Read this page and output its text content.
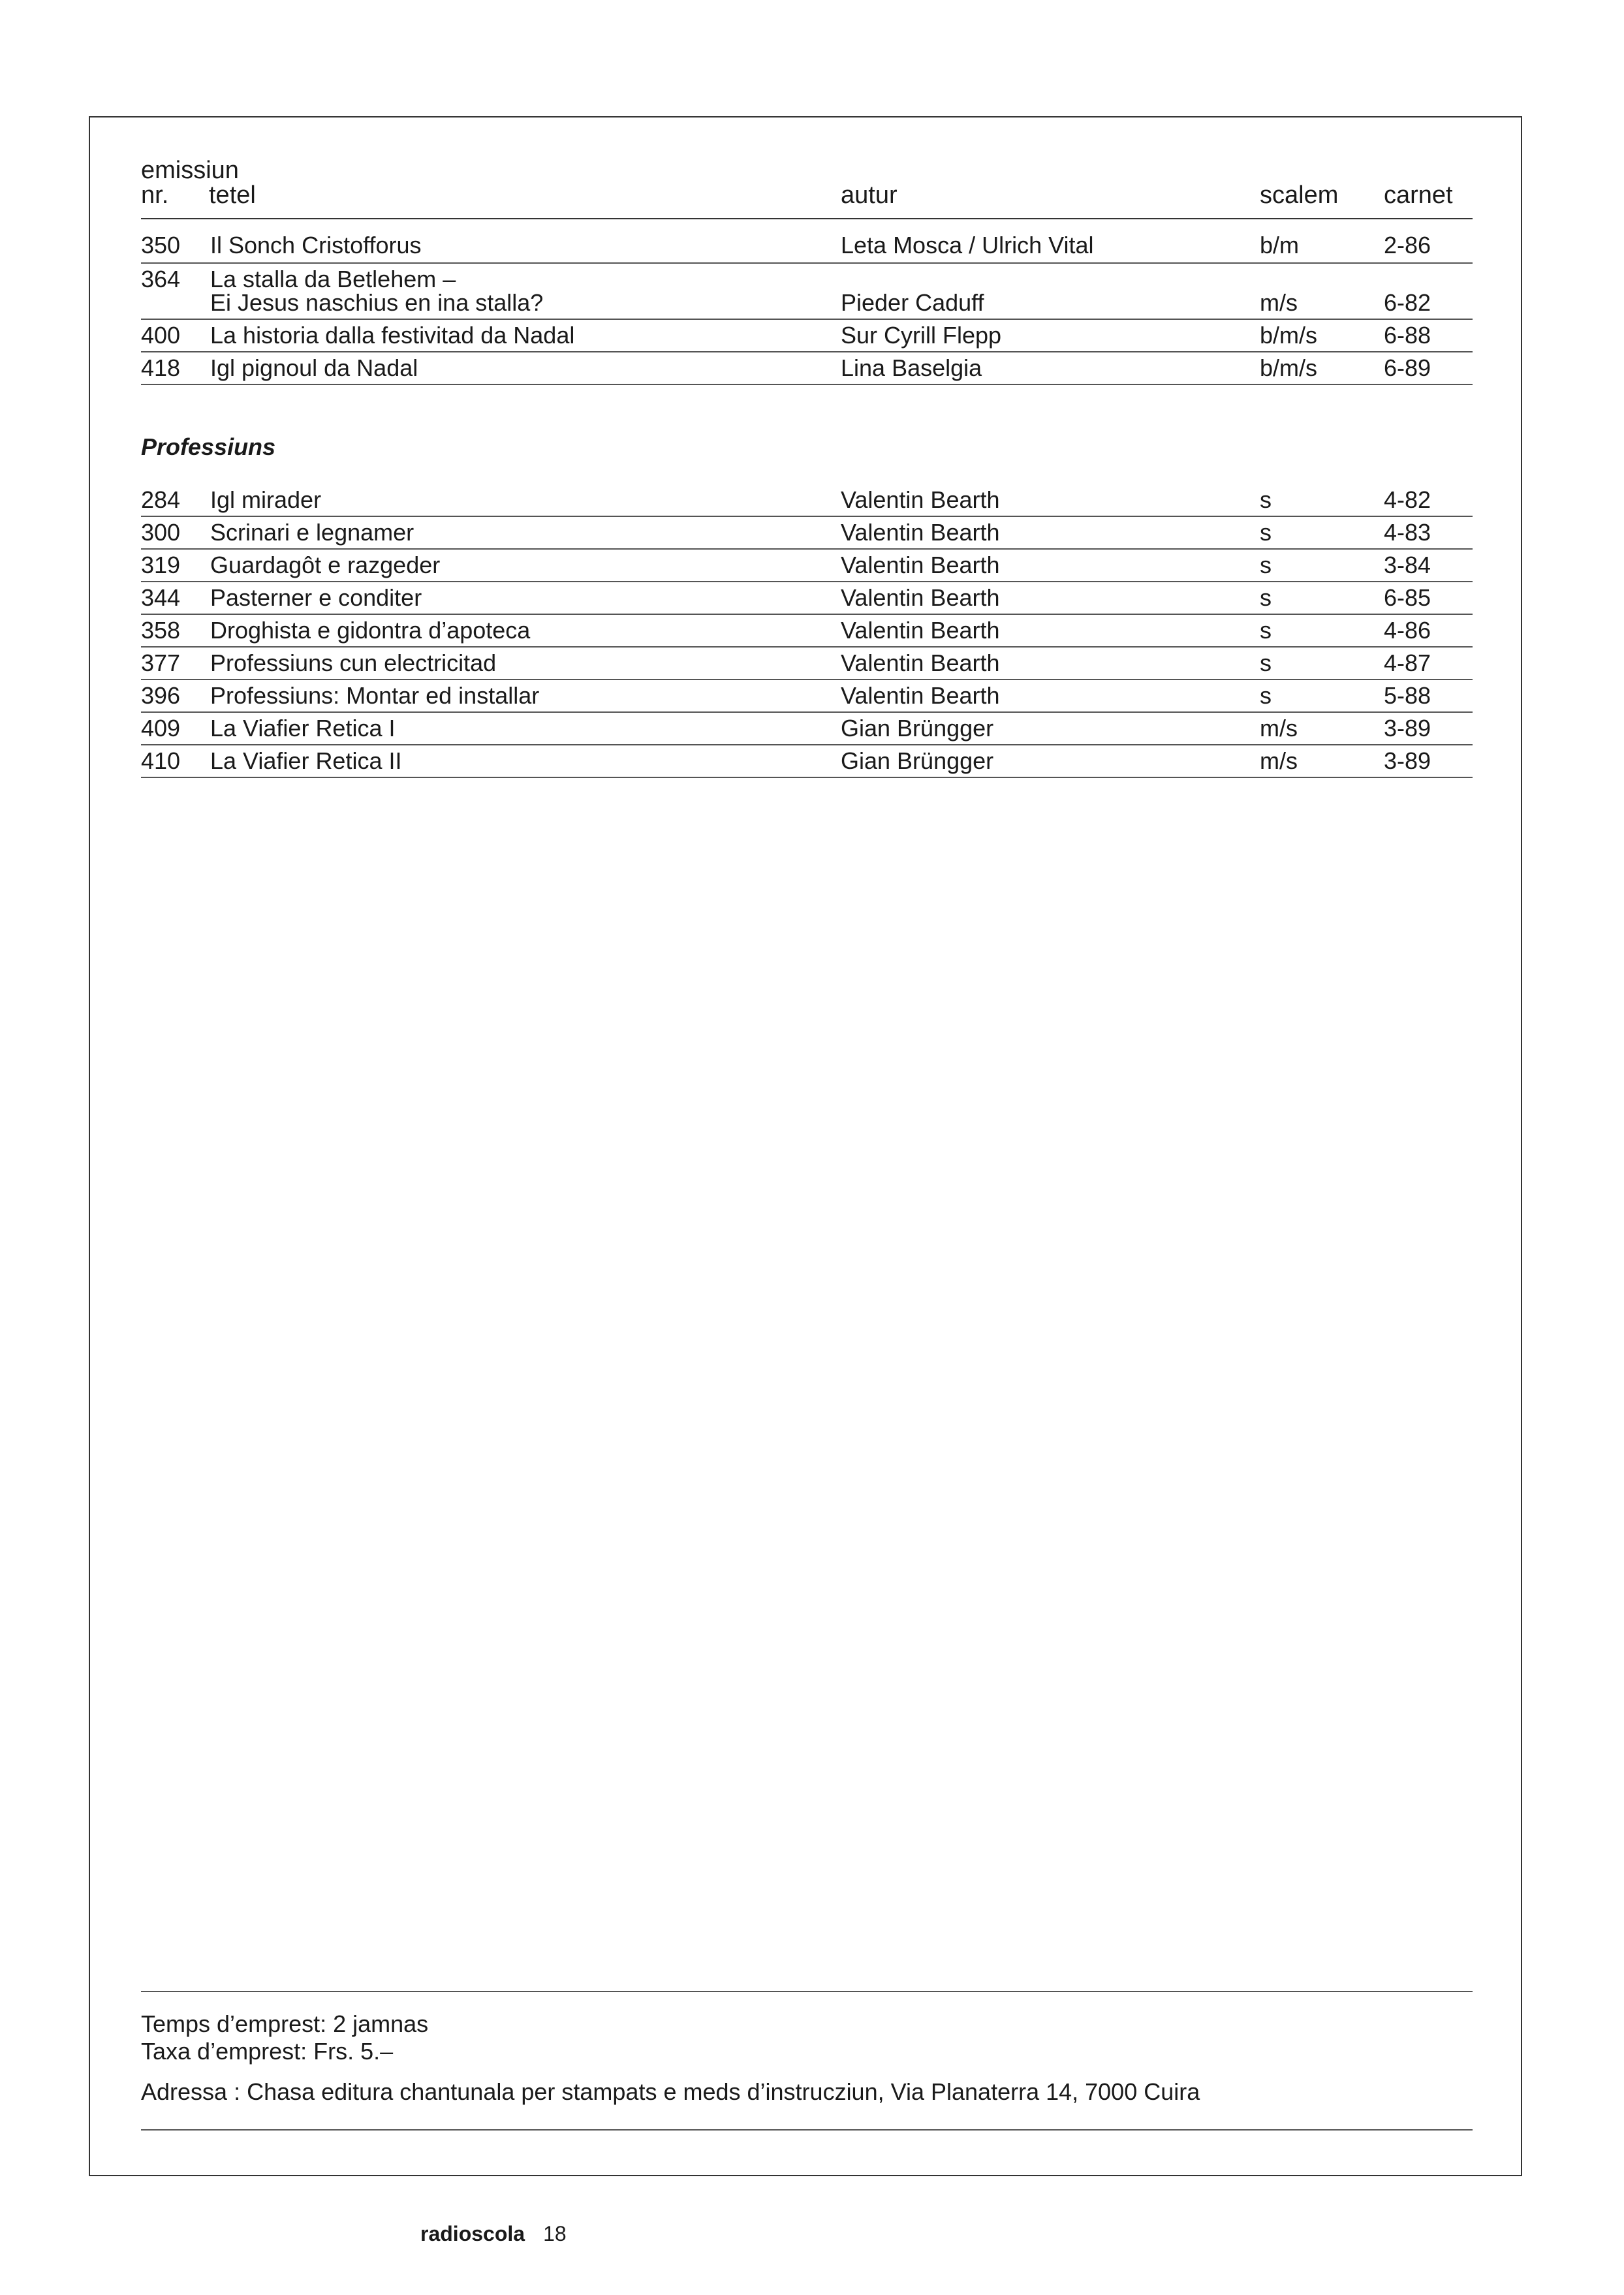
emissiun
nr. tetel	autur	scalem carnet
350 Il Sonch Cristofforus	Leta Mosca / Ulrich Vital	b/m	2-86
364 La stalla da Betlehem –
Ei Jesus naschius en ina stalla?	Pieder Caduff	m/s	6-82
400 La historia dalla festivitad da Nadal	Sur Cyrill Flepp	b/m/s	6-88
418 Igl pignoul da Nadal	Lina Baselgia	b/m/s	6-89
Professiuns
284 Igl mirader	Valentin Bearth	s	4-82
300 Scrinari e legnamer	Valentin Bearth	s	4-83
319 Guardagôt e razgeder	Valentin Bearth	s	3-84
344 Pasterner e conditer	Valentin Bearth	s	6-85
358 Droghista e gidontra d’apoteca	Valentin Bearth	s	4-86
377 Professiuns cun electricitad	Valentin Bearth	s	4-87
396 Professiuns: Montar ed installar	Valentin Bearth	s	5-88
409 La Viafier Retica I	Gian Brüngger	m/s	3-89
410 La Viafier Retica II	Gian Brüngger	m/s	3-89
Temps d’emprest: 2 jamnas
Taxa d’emprest: Frs. 5.–
Adressa : Chasa editura chantunala per stampats e meds d’instrucziun, Via Planaterra 14, 7000 Cuira
radioscola 18
